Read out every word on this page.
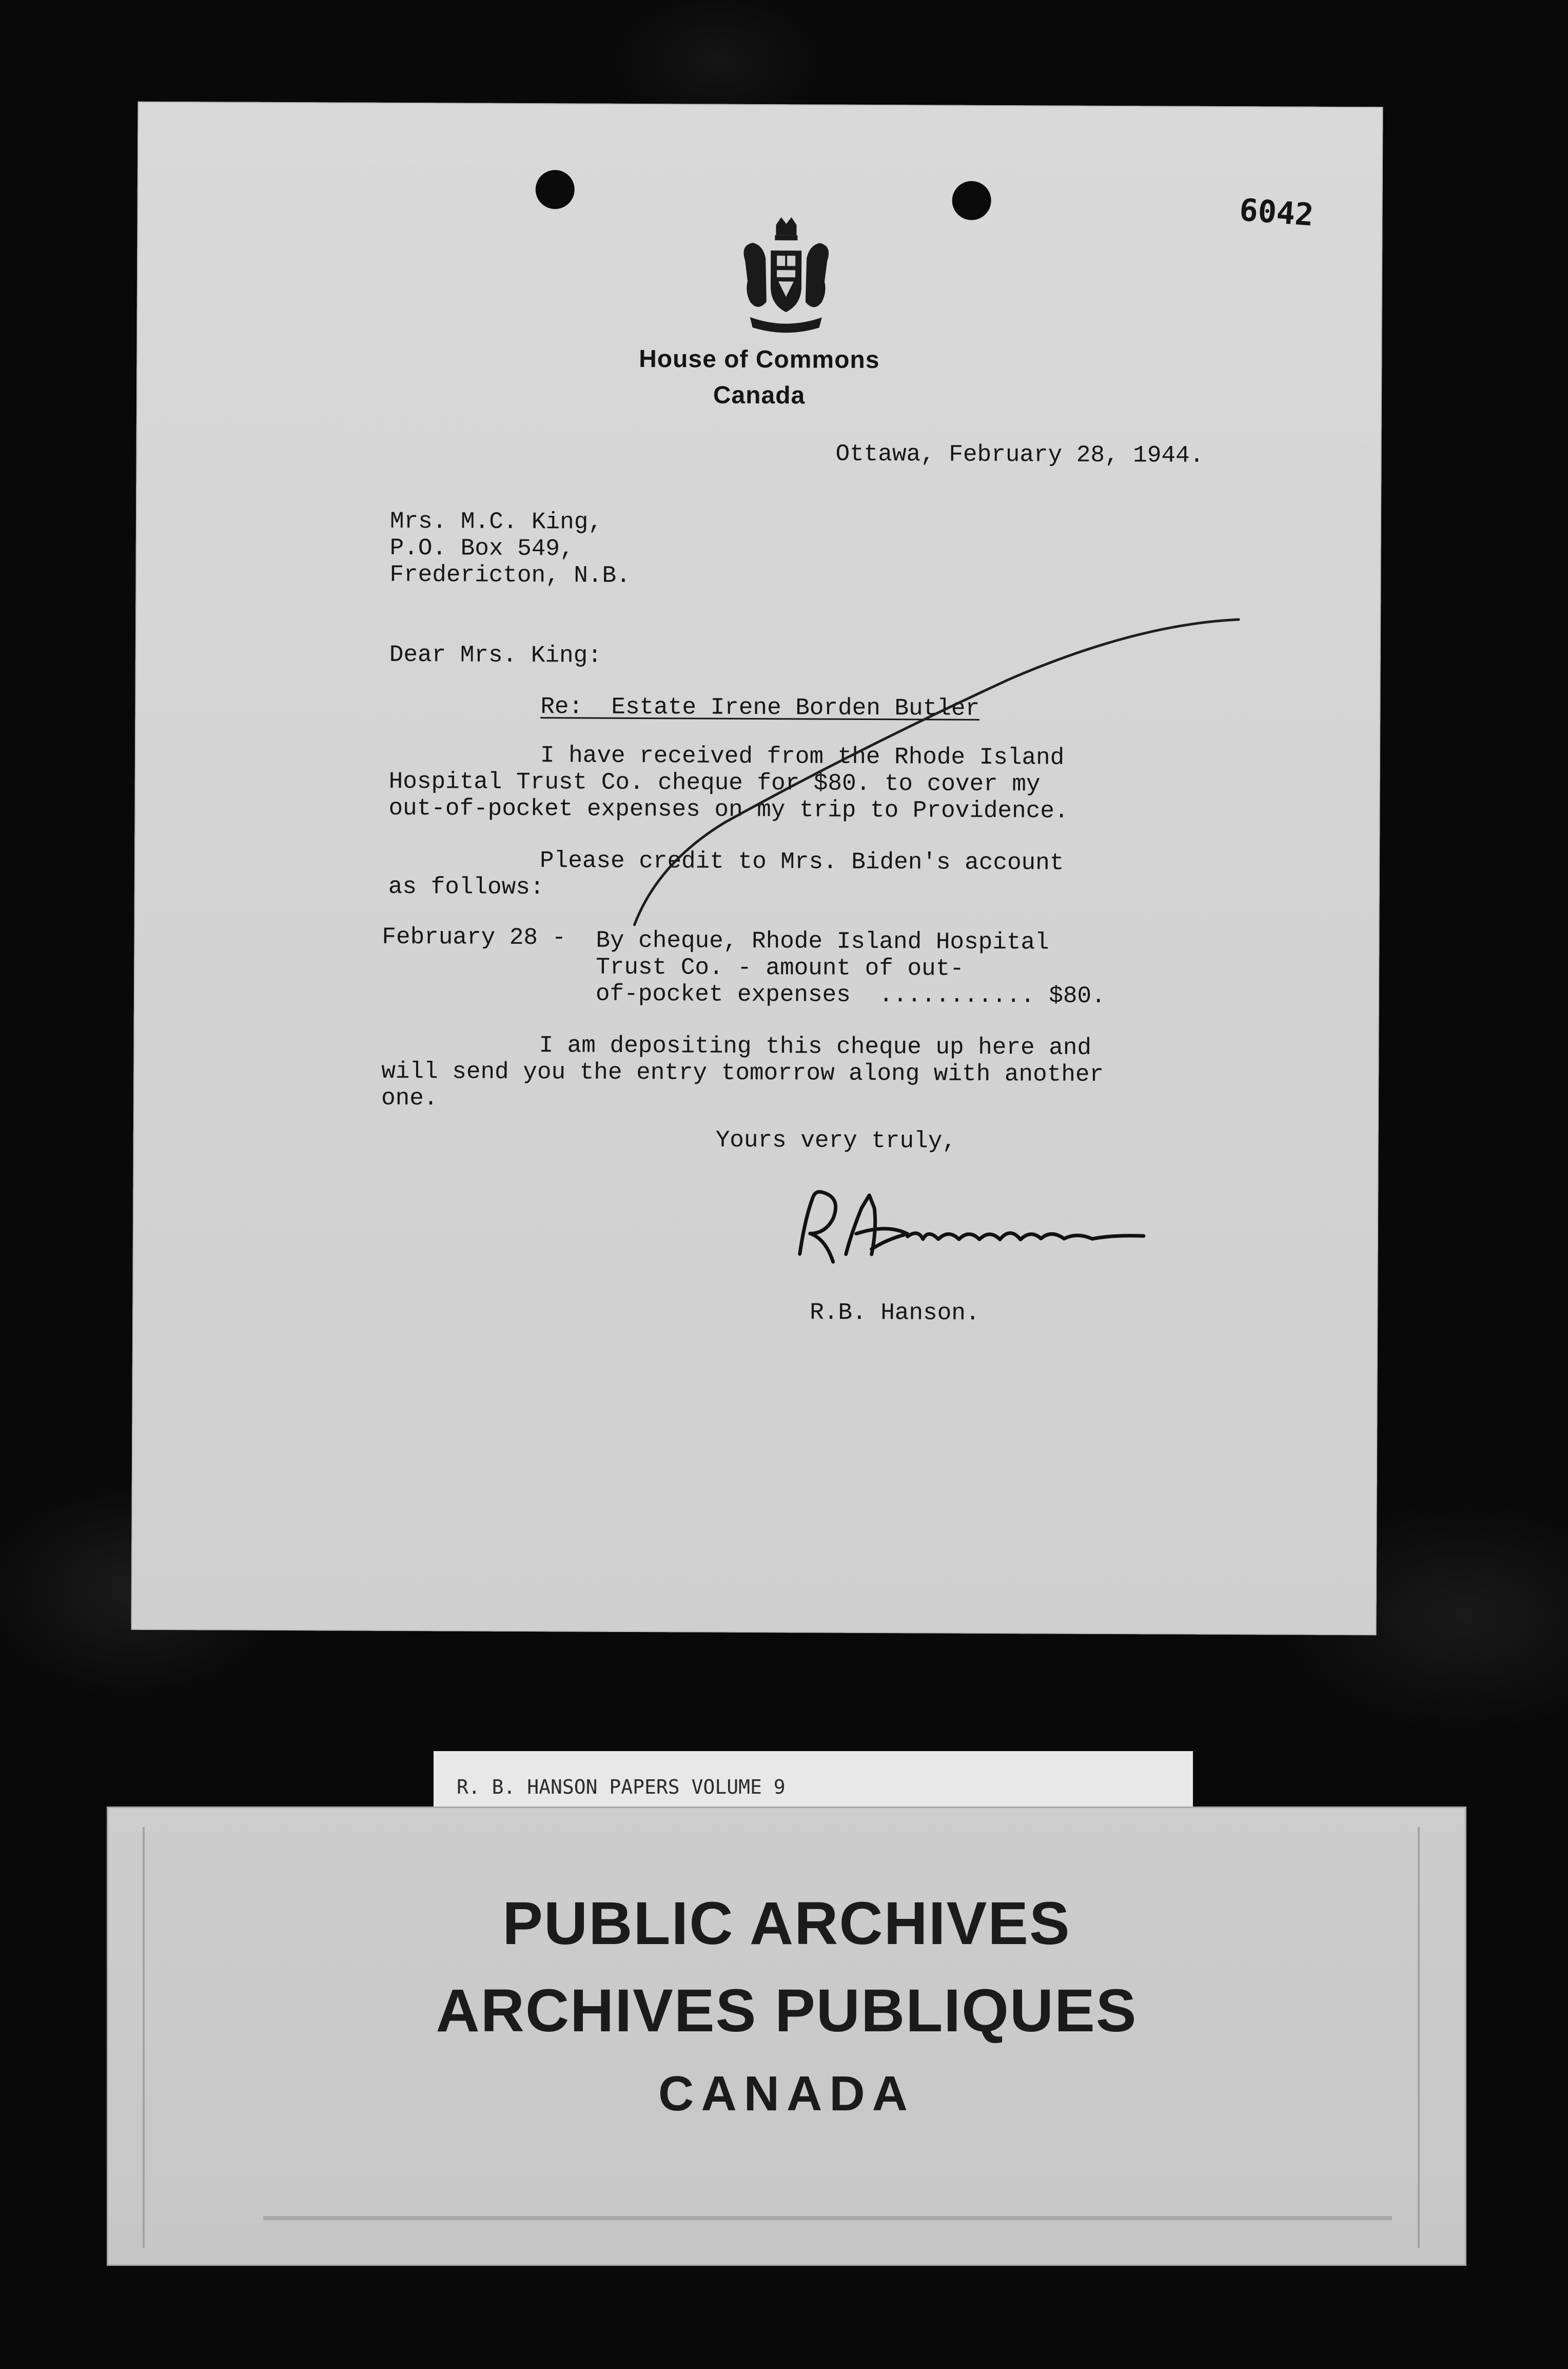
6042
House of Commons
Canada
Ottawa, February 28, 1944.
Mrs. M.C. King,
P.O. Box 549,
Fredericton, N.B.
Dear Mrs. King:
Re:  Estate Irene Borden Butler
I have received from the Rhode Island
Hospital Trust Co. cheque for $80. to cover my
out-of-pocket expenses on my trip to Providence.
Please credit to Mrs. Biden's account
as follows:
February 28 - By cheque, Rhode Island Hospital
Trust Co. - amount of out-
of-pocket expenses  ........... $80.
I am depositing this cheque up here and
will send you the entry tomorrow along with another
one.
Yours very truly,
R.B. Hanson.
R. B. HANSON PAPERS VOLUME 9
PUBLIC ARCHIVES
ARCHIVES PUBLIQUES
CANADA
